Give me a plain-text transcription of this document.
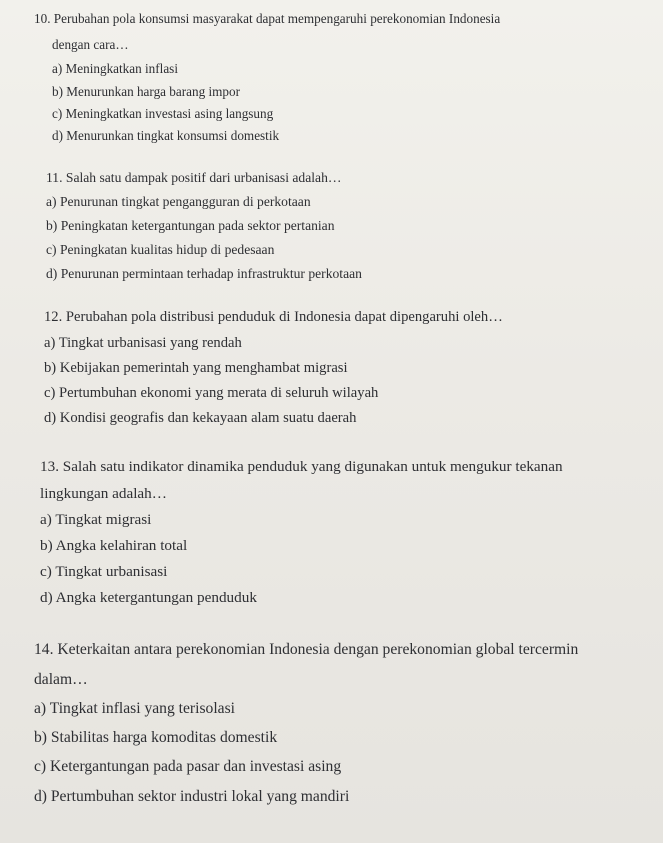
10. Perubahan pola konsumsi masyarakat dapat mempengaruhi perekonomian Indonesia
dengan cara…
a) Meningkatkan inflasi
b) Menurunkan harga barang impor
c) Meningkatkan investasi asing langsung
d) Menurunkan tingkat konsumsi domestik
11. Salah satu dampak positif dari urbanisasi adalah…
a) Penurunan tingkat pengangguran di perkotaan
b) Peningkatan ketergantungan pada sektor pertanian
c) Peningkatan kualitas hidup di pedesaan
d) Penurunan permintaan terhadap infrastruktur perkotaan
12. Perubahan pola distribusi penduduk di Indonesia dapat dipengaruhi oleh…
a) Tingkat urbanisasi yang rendah
b) Kebijakan pemerintah yang menghambat migrasi
c) Pertumbuhan ekonomi yang merata di seluruh wilayah
d) Kondisi geografis dan kekayaan alam suatu daerah
13. Salah satu indikator dinamika penduduk yang digunakan untuk mengukur tekanan
lingkungan adalah…
a) Tingkat migrasi
b) Angka kelahiran total
c) Tingkat urbanisasi
d) Angka ketergantungan penduduk
14. Keterkaitan antara perekonomian Indonesia dengan perekonomian global tercermin
dalam…
a) Tingkat inflasi yang terisolasi
b) Stabilitas harga komoditas domestik
c) Ketergantungan pada pasar dan investasi asing
d) Pertumbuhan sektor industri lokal yang mandiri
